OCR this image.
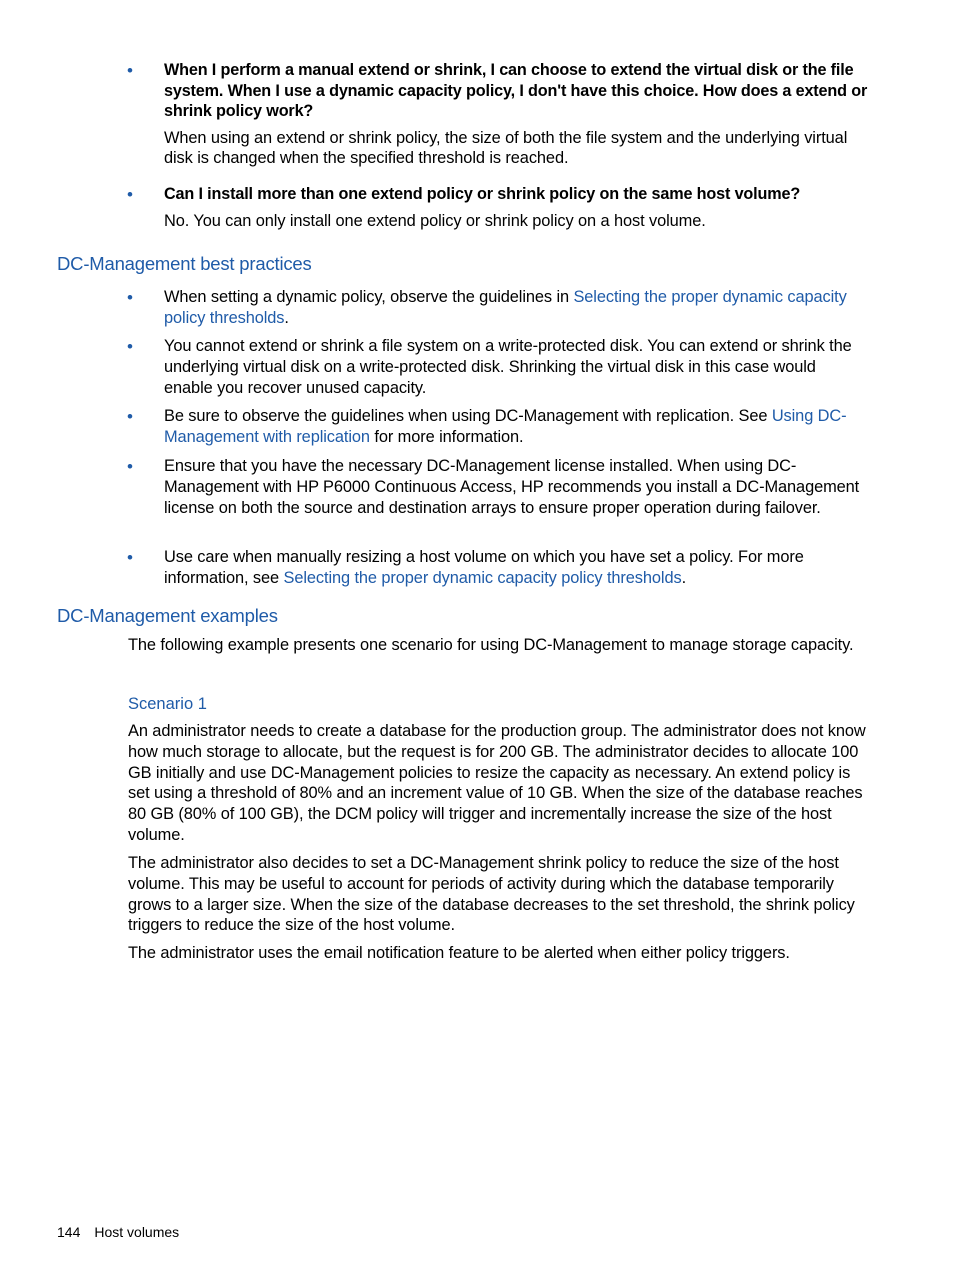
• When I perform a manual extend or shrink, I can choose to extend the virtual disk or the file system. When I use a dynamic capacity policy, I don't have this choice. How does a extend or shrink policy work?
When using an extend or shrink policy, the size of both the file system and the underlying virtual disk is changed when the specified threshold is reached.
• Can I install more than one extend policy or shrink policy on the same host volume?
No. You can only install one extend policy or shrink policy on a host volume.
DC-Management best practices
• When setting a dynamic policy, observe the guidelines in Selecting the proper dynamic capacity policy thresholds.
• You cannot extend or shrink a file system on a write-protected disk. You can extend or shrink the underlying virtual disk on a write-protected disk. Shrinking the virtual disk in this case would enable you recover unused capacity.
• Be sure to observe the guidelines when using DC-Management with replication. See Using DC-Management with replication for more information.
• Ensure that you have the necessary DC-Management license installed. When using DC-Management with HP P6000 Continuous Access, HP recommends you install a DC-Management license on both the source and destination arrays to ensure proper operation during failover.
• Use care when manually resizing a host volume on which you have set a policy. For more information, see Selecting the proper dynamic capacity policy thresholds.
DC-Management examples
The following example presents one scenario for using DC-Management to manage storage capacity.
Scenario 1
An administrator needs to create a database for the production group. The administrator does not know how much storage to allocate, but the request is for 200 GB. The administrator decides to allocate 100 GB initially and use DC-Management policies to resize the capacity as necessary. An extend policy is set using a threshold of 80% and an increment value of 10 GB. When the size of the database reaches 80 GB (80% of 100 GB), the DCM policy will trigger and incrementally increase the size of the host volume.
The administrator also decides to set a DC-Management shrink policy to reduce the size of the host volume. This may be useful to account for periods of activity during which the database temporarily grows to a larger size. When the size of the database decreases to the set threshold, the shrink policy triggers to reduce the size of the host volume.
The administrator uses the email notification feature to be alerted when either policy triggers.
144 Host volumes
